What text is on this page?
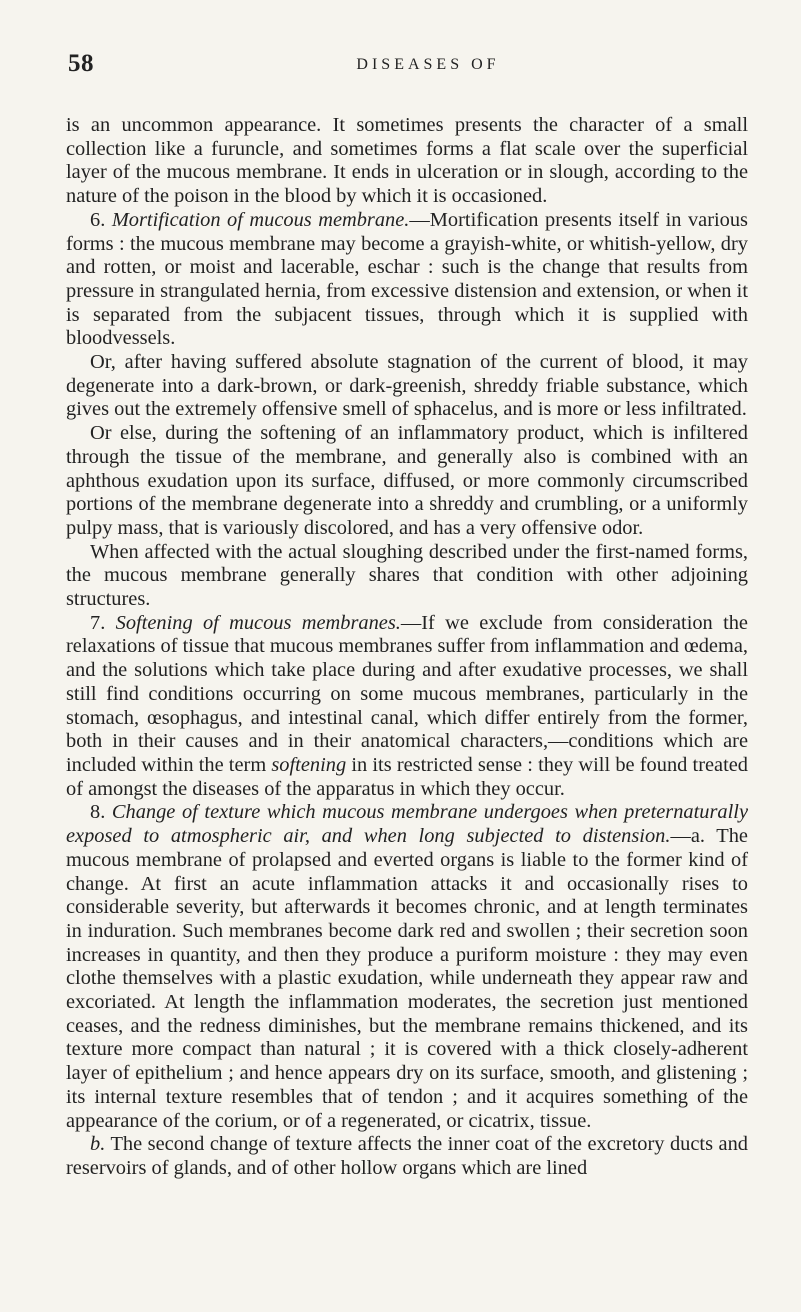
58	DISEASES OF

is an uncommon appearance. It sometimes presents the character of a small collection like a furuncle, and sometimes forms a flat scale over the superficial layer of the mucous membrane. It ends in ulceration or in slough, according to the nature of the poison in the blood by which it is occasioned.

6. Mortification of mucous membrane.—Mortification presents itself in various forms : the mucous membrane may become a grayish-white, or whitish-yellow, dry and rotten, or moist and lacerable, eschar : such is the change that results from pressure in strangulated hernia, from excessive distension and extension, or when it is separated from the subjacent tissues, through which it is supplied with bloodvessels.

Or, after having suffered absolute stagnation of the current of blood, it may degenerate into a dark-brown, or dark-greenish, shreddy friable substance, which gives out the extremely offensive smell of sphacelus, and is more or less infiltrated.

Or else, during the softening of an inflammatory product, which is infiltered through the tissue of the membrane, and generally also is combined with an aphthous exudation upon its surface, diffused, or more commonly circumscribed portions of the membrane degenerate into a shreddy and crumbling, or a uniformly pulpy mass, that is variously discolored, and has a very offensive odor.

When affected with the actual sloughing described under the first-named forms, the mucous membrane generally shares that condition with other adjoining structures.

7. Softening of mucous membranes.—If we exclude from consideration the relaxations of tissue that mucous membranes suffer from inflammation and œdema, and the solutions which take place during and after exudative processes, we shall still find conditions occurring on some mucous membranes, particularly in the stomach, œsophagus, and intestinal canal, which differ entirely from the former, both in their causes and in their anatomical characters,—conditions which are included within the term softening in its restricted sense : they will be found treated of amongst the diseases of the apparatus in which they occur.

8. Change of texture which mucous membrane undergoes when preternaturally exposed to atmospheric air, and when long subjected to distension.—a. The mucous membrane of prolapsed and everted organs is liable to the former kind of change. At first an acute inflammation attacks it and occasionally rises to considerable severity, but afterwards it becomes chronic, and at length terminates in induration. Such membranes become dark red and swollen ; their secretion soon increases in quantity, and then they produce a puriform moisture : they may even clothe themselves with a plastic exudation, while underneath they appear raw and excoriated. At length the inflammation moderates, the secretion just mentioned ceases, and the redness diminishes, but the membrane remains thickened, and its texture more compact than natural ; it is covered with a thick closely-adherent layer of epithelium ; and hence appears dry on its surface, smooth, and glistening ; its internal texture resembles that of tendon ; and it acquires something of the appearance of the corium, or of a regenerated, or cicatrix, tissue.

b. The second change of texture affects the inner coat of the excretory ducts and reservoirs of glands, and of other hollow organs which are lined
